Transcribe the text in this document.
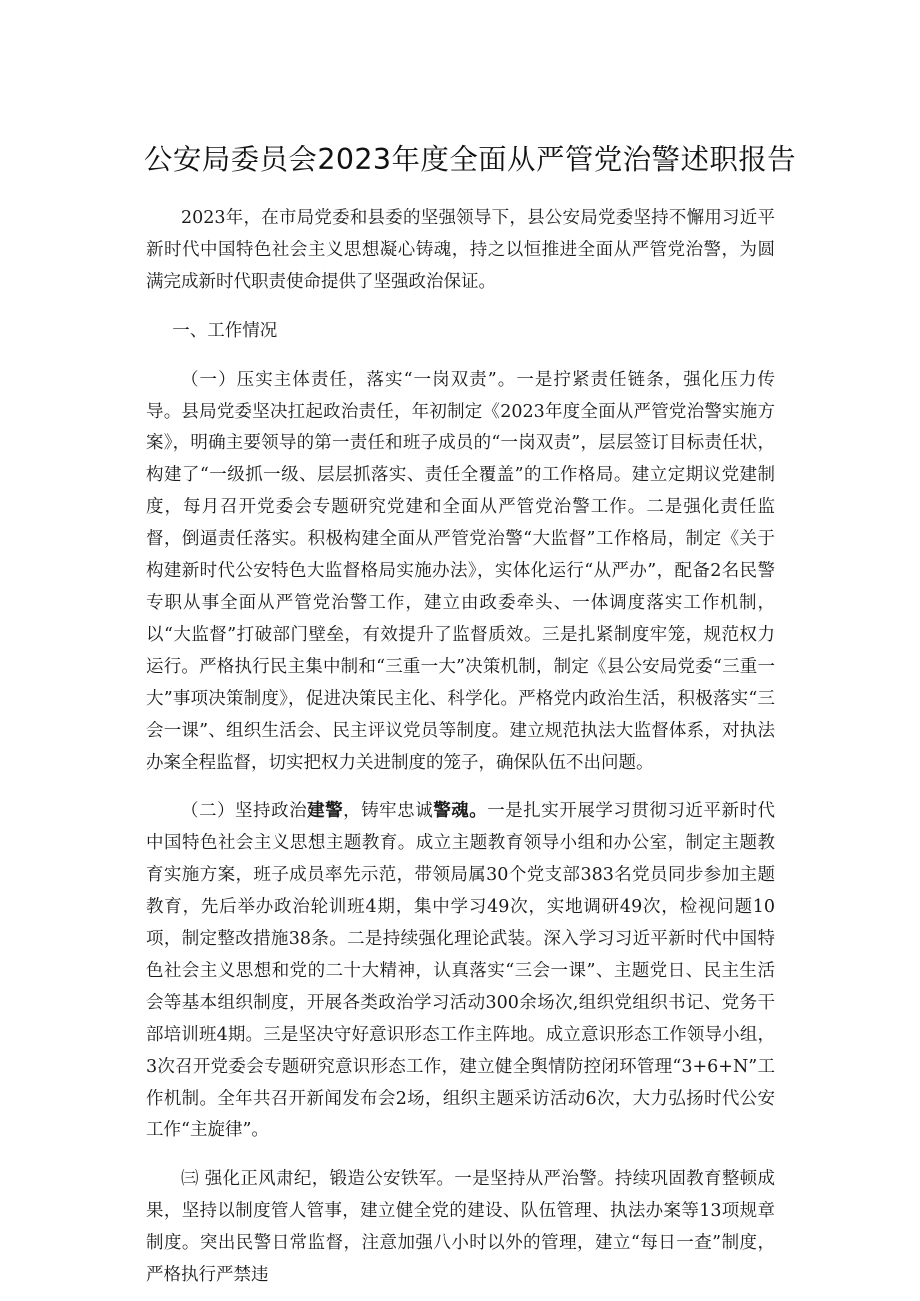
公安局委员会2023年度全面从严管党治警述职报告

2023年，在市局党委和县委的坚强领导下，县公安局党委坚持不懈用习近平新时代中国特色社会主义思想凝心铸魂，持之以恒推进全面从严管党治警，为圆满完成新时代职责使命提供了坚强政治保证。

一、工作情况

（一）压实主体责任，落实“一岗双责”。一是拧紧责任链条，强化压力传导。县局党委坚决扛起政治责任，年初制定《2023年度全面从严管党治警实施方案》，明确主要领导的第一责任和班子成员的“一岗双责”，层层签订目标责任状，构建了“一级抓一级、层层抓落实、责任全覆盖”的工作格局。建立定期议党建制度，每月召开党委会专题研究党建和全面从严管党治警工作。二是强化责任监督，倒逼责任落实。积极构建全面从严管党治警“大监督”工作格局，制定《关于构建新时代公安特色大监督格局实施办法》，实体化运行“从严办”，配备2名民警专职从事全面从严管党治警工作，建立由政委牵头、一体调度落实工作机制，以“大监督”打破部门壁垒，有效提升了监督质效。三是扎紧制度牢笼，规范权力运行。严格执行民主集中制和“三重一大”决策机制，制定《县公安局党委“三重一大”事项决策制度》，促进决策民主化、科学化。严格党内政治生活，积极落实“三会一课”、组织生活会、民主评议党员等制度。建立规范执法大监督体系，对执法办案全程监督，切实把权力关进制度的笼子，确保队伍不出问题。

（二）坚持政治建警，铸牢忠诚警魂。一是扎实开展学习贯彻习近平新时代中国特色社会主义思想主题教育。成立主题教育领导小组和办公室，制定主题教育实施方案，班子成员率先示范，带领局属30个党支部383名党员同步参加主题教育，先后举办政治轮训班4期，集中学习49次，实地调研49次，检视问题10项，制定整改措施38条。二是持续强化理论武装。深入学习习近平新时代中国特色社会主义思想和党的二十大精神，认真落实“三会一课”、主题党日、民主生活会等基本组织制度，开展各类政治学习活动300余场次,组织党组织书记、党务干部培训班4期。三是坚决守好意识形态工作主阵地。成立意识形态工作领导小组，3次召开党委会专题研究意识形态工作，建立健全舆情防控闭环管理“3+6+N”工作机制。全年共召开新闻发布会2场，组织主题采访活动6次，大力弘扬时代公安工作“主旋律”。

㈢ 强化正风肃纪，锻造公安铁军。一是坚持从严治警。持续巩固教育整顿成果，坚持以制度管人管事，建立健全党的建设、队伍管理、执法办案等13项规章制度。突出民警日常监督，注意加强八小时以外的管理，建立“每日一查”制度，严格执行严禁违
